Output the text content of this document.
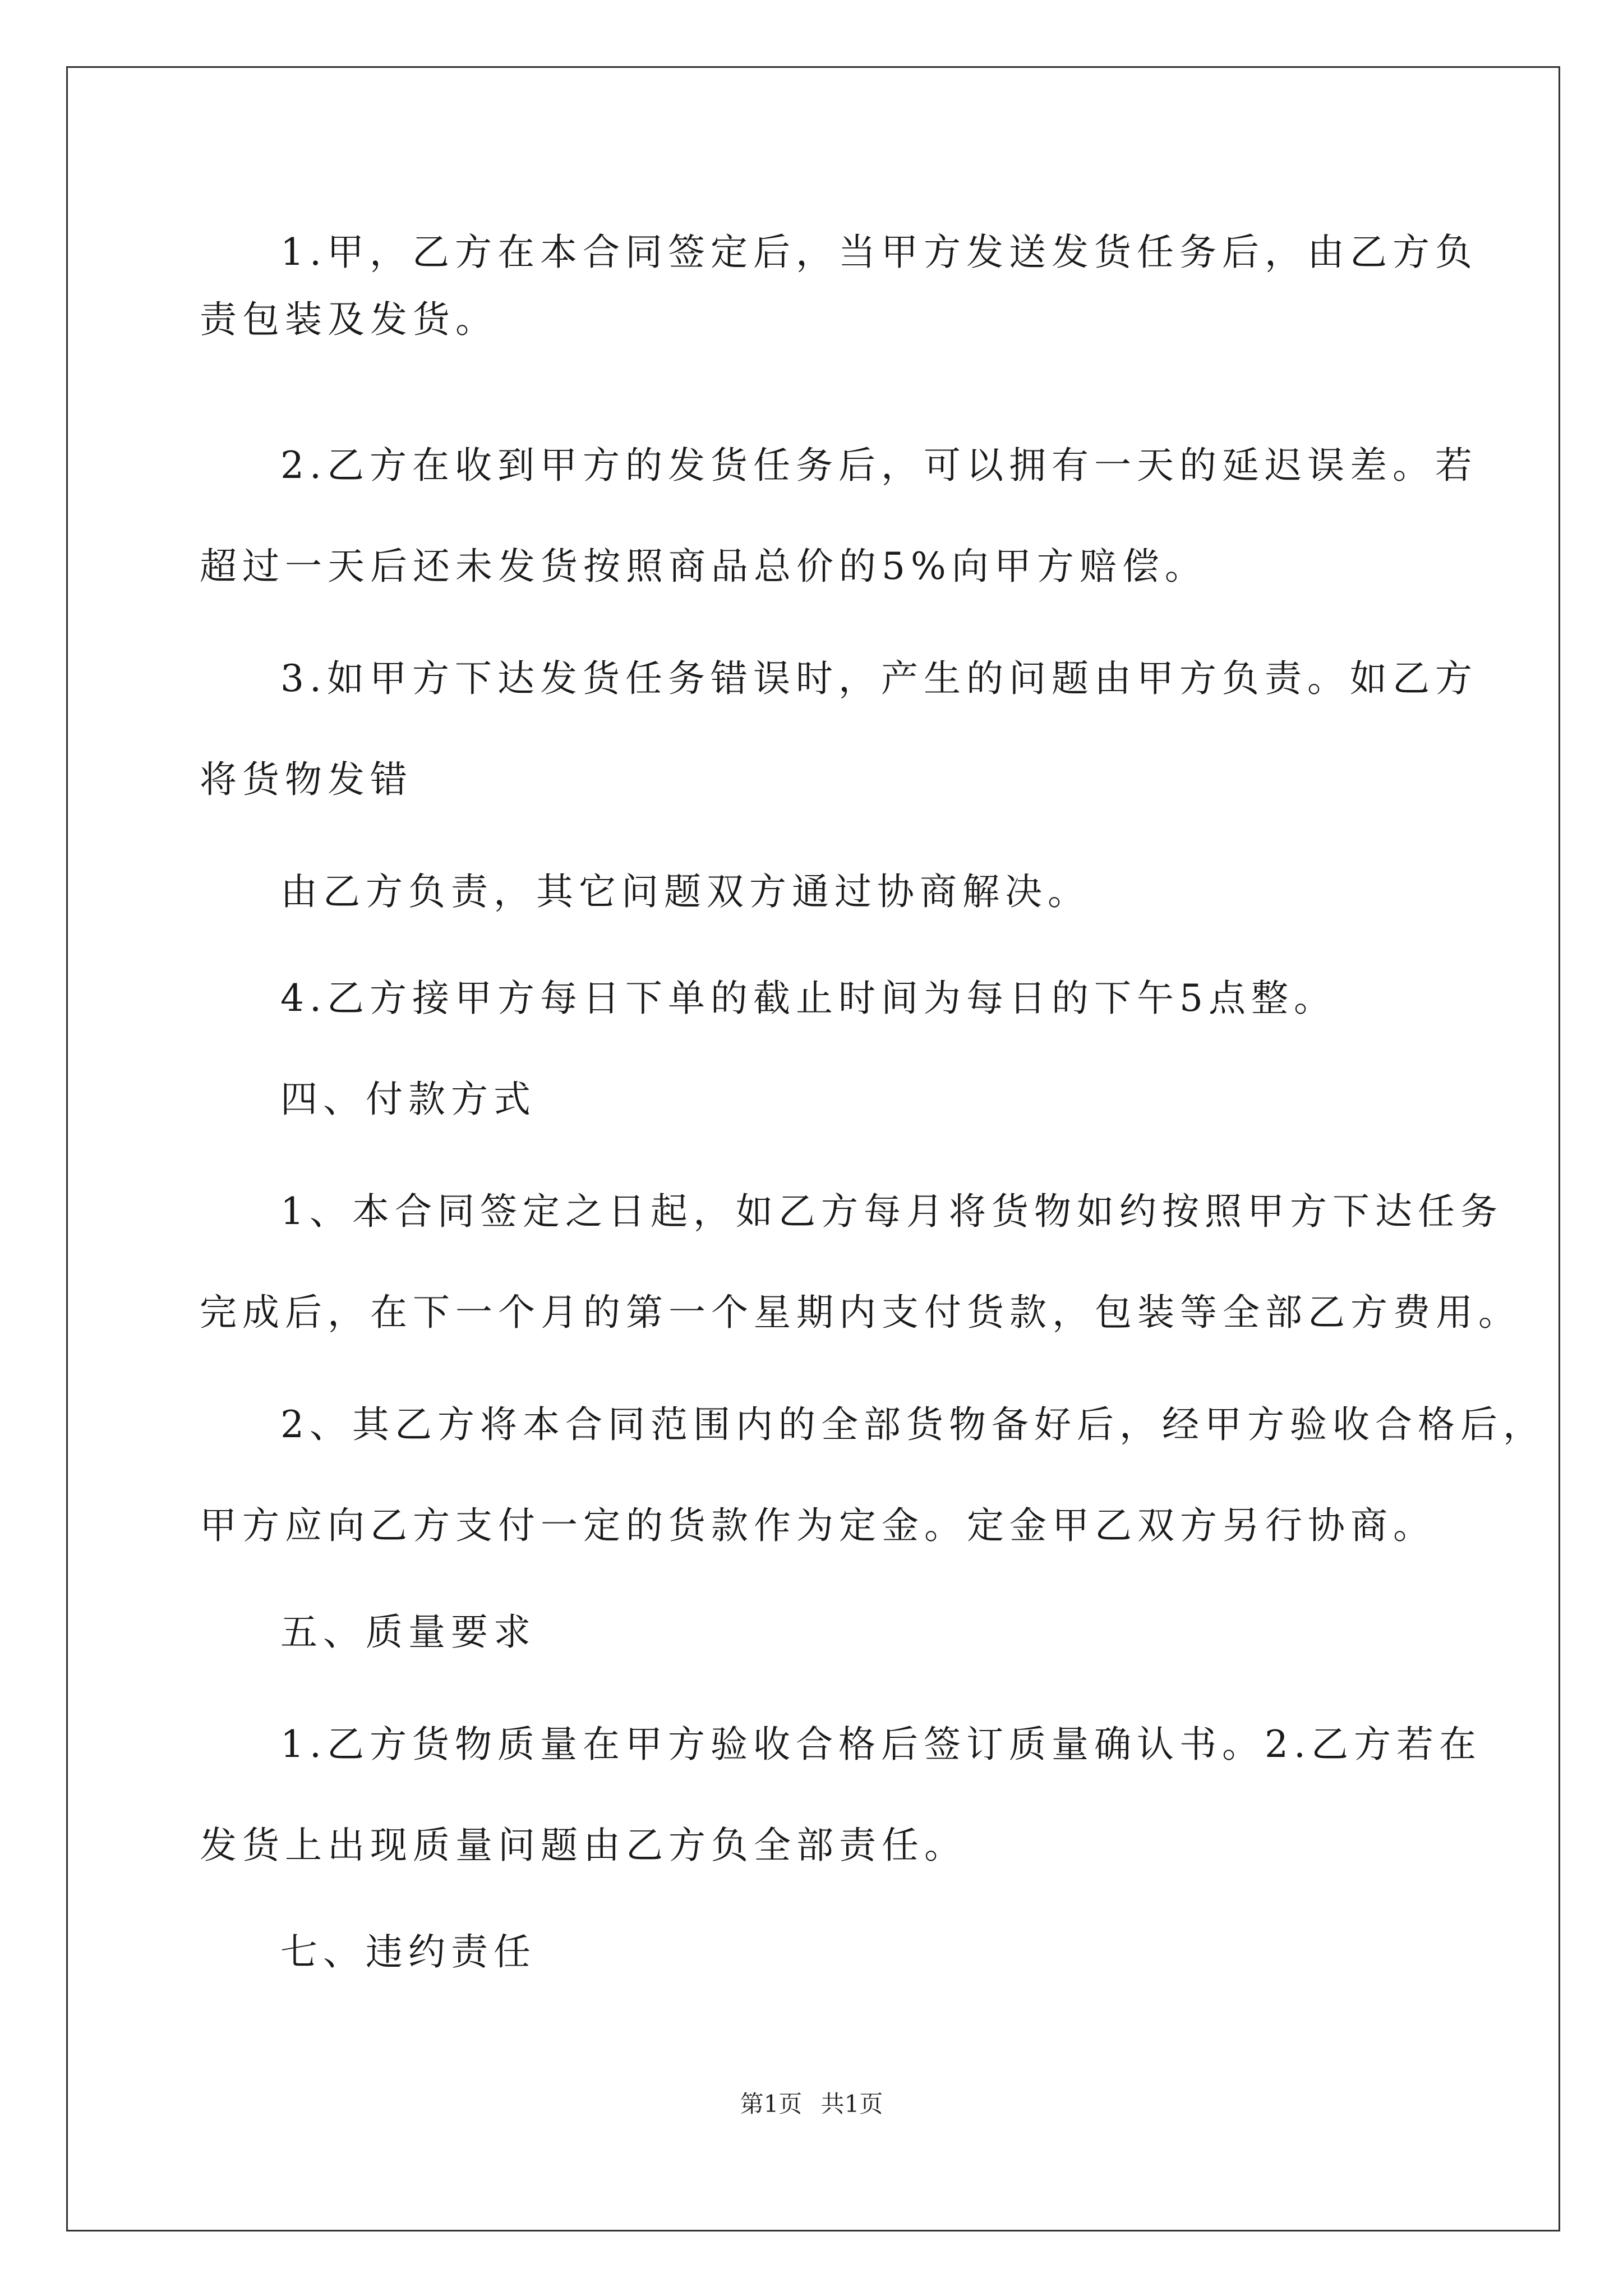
1.甲，乙方在本合同签定后，当甲方发送发货任务后，由乙方负
责包装及发货。
2.乙方在收到甲方的发货任务后，可以拥有一天的延迟误差。若
超过一天后还未发货按照商品总价的5%向甲方赔偿。
3.如甲方下达发货任务错误时，产生的问题由甲方负责。如乙方
将货物发错
由乙方负责，其它问题双方通过协商解决。
4.乙方接甲方每日下单的截止时间为每日的下午5点整。
四、付款方式
1、本合同签定之日起，如乙方每月将货物如约按照甲方下达任务
完成后，在下一个月的第一个星期内支付货款，包装等全部乙方费用。
2、其乙方将本合同范围内的全部货物备好后，经甲方验收合格后，
甲方应向乙方支付一定的货款作为定金。定金甲乙双方另行协商。
五、质量要求
1.乙方货物质量在甲方验收合格后签订质量确认书。2.乙方若在
发货上出现质量问题由乙方负全部责任。
七、违约责任
第1页 共1页
